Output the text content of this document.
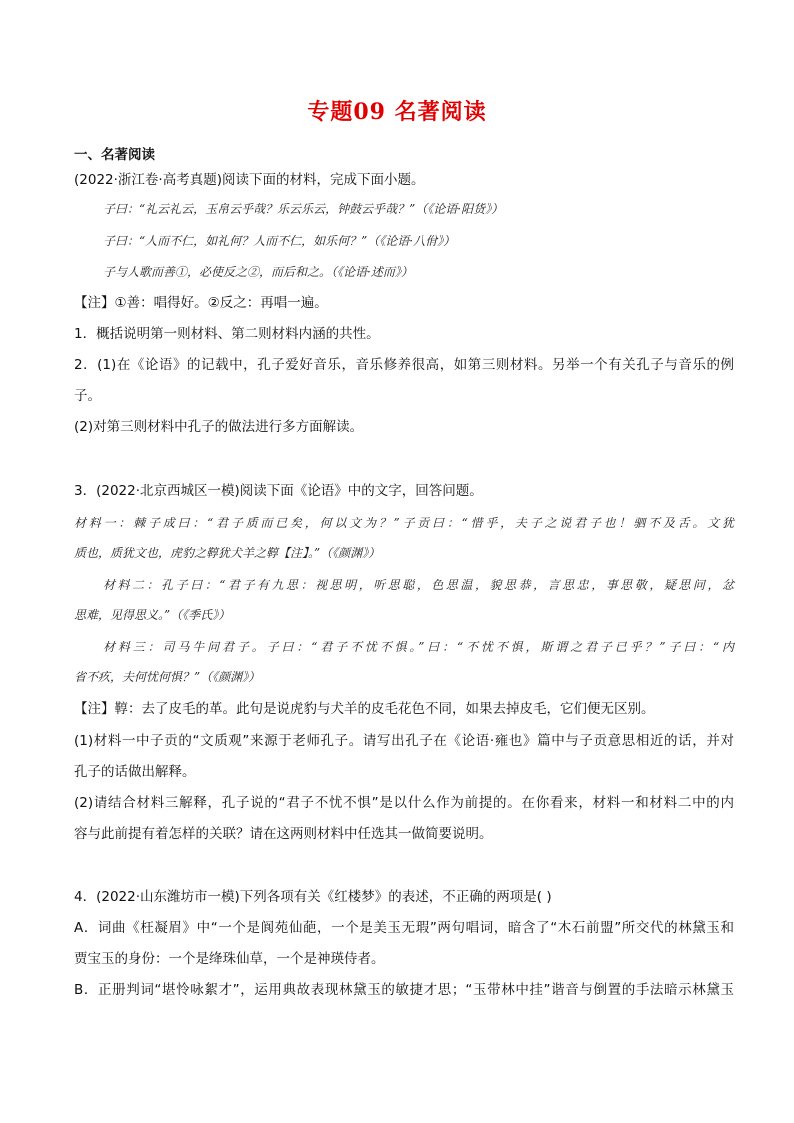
专题09 名著阅读
一、名著阅读
(2022·浙江卷·高考真题)阅读下面的材料，完成下面小题。
子曰：“礼云礼云，玉帛云乎哉？乐云乐云，钟鼓云乎哉？”（《论语·阳货》）
子曰：“人而不仁，如礼何？人而不仁，如乐何？”（《论语·八佾》）
子与人歌而善①，必使反之②，而后和之。（《论语·述而》）
【注】①善：唱得好。②反之：再唱一遍。
1．概括说明第一则材料、第二则材料内涵的共性。
2．(1)在《论语》的记载中，孔子爱好音乐，音乐修养很高，如第三则材料。另举一个有关孔子与音乐的例
子。
(2)对第三则材料中孔子的做法进行多方面解读。
3．(2022·北京西城区一模)阅读下面《论语》中的文字，回答问题。
材料一：棘子成曰：“君子质而已矣，何以文为？”子贡曰：“惜乎，夫子之说君子也！驷不及舌。文犹
质也，质犹文也，虎豹之鞟犹犬羊之鞟【注】。”（《颜渊》）
材料二：孔子曰：“君子有九思：视思明，听思聪，色思温，貌思恭，言思忠，事思敬，疑思问，忿
思难，见得思义。”（《季氏》）
材料三：司马牛问君子。子曰：“君子不忧不惧。”曰：“不忧不惧，斯谓之君子已乎？”子曰：“内
省不疚，夫何忧何惧？”（《颜渊》）
【注】鞟：去了皮毛的革。此句是说虎豹与犬羊的皮毛花色不同，如果去掉皮毛，它们便无区别。
(1)材料一中子贡的“文质观”来源于老师孔子。请写出孔子在《论语·雍也》篇中与子贡意思相近的话，并对
孔子的话做出解释。
(2)请结合材料三解释，孔子说的“君子不忧不惧”是以什么作为前提的。在你看来，材料一和材料二中的内
容与此前提有着怎样的关联？请在这两则材料中任选其一做简要说明。
4．(2022·山东潍坊市一模)下列各项有关《红楼梦》的表述，不正确的两项是( )
A．词曲《枉凝眉》中“一个是阆苑仙葩，一个是美玉无瑕”两句唱词，暗含了“木石前盟”所交代的林黛玉和
贾宝玉的身份：一个是绛珠仙草，一个是神瑛侍者。
B．正册判词“堪怜咏絮才”，运用典故表现林黛玉的敏捷才思；“玉带林中挂”谐音与倒置的手法暗示林黛玉
